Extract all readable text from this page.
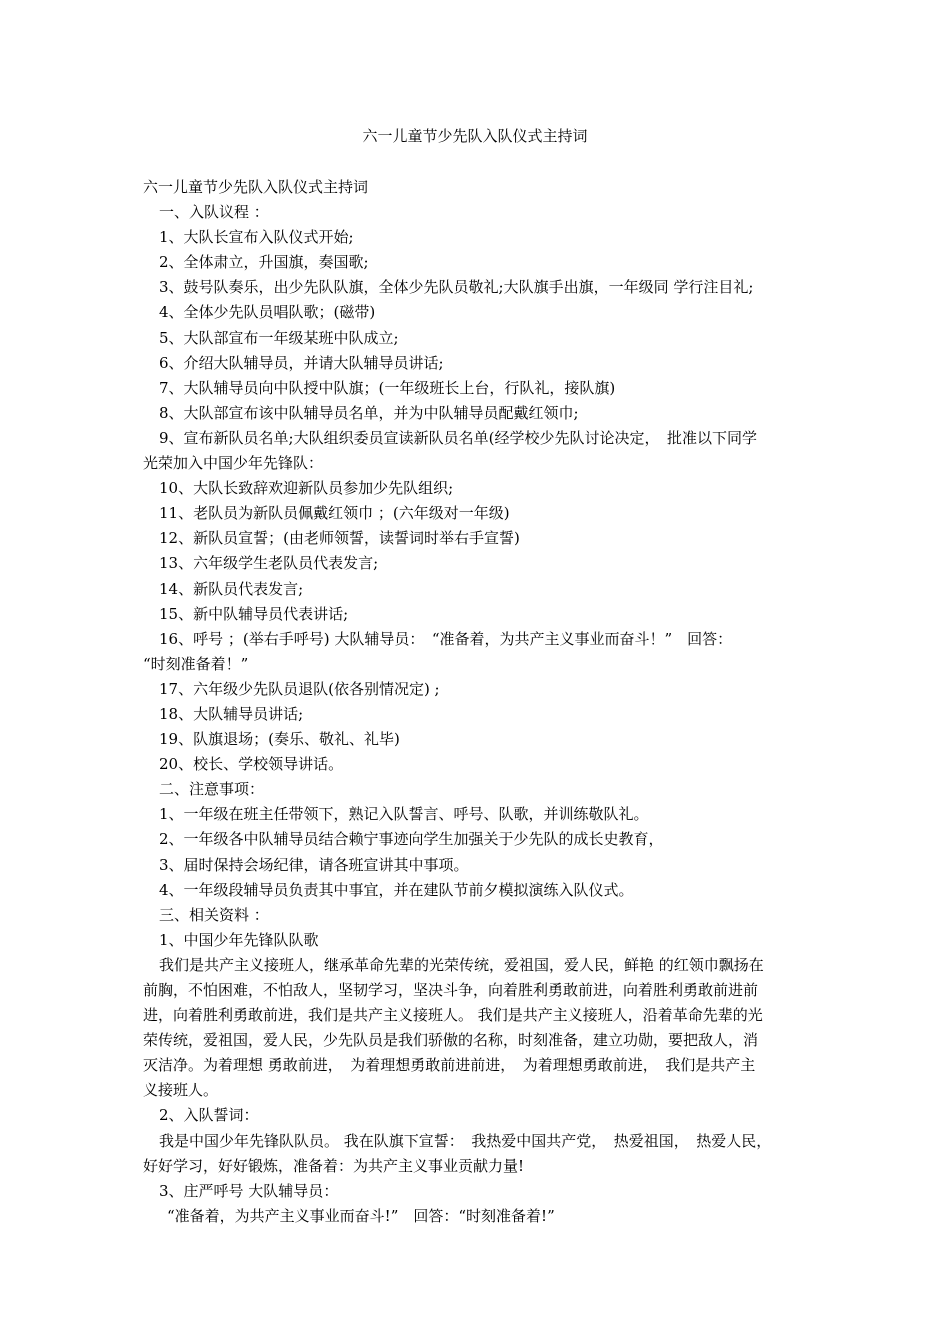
六一儿童节少先队入队仪式主持词
六一儿童节少先队入队仪式主持词
一、入队议程 ：
1、大队长宣布入队仪式开始;
2、全体肃立，升国旗，奏国歌;
3、鼓号队奏乐，出少先队队旗，全体少先队员敬礼;大队旗手出旗，一年级同 学行注目礼;
4、全体少先队员唱队歌；(磁带)
5、大队部宣布一年级某班中队成立;
6、介绍大队辅导员，并请大队辅导员讲话;
7、大队辅导员向中队授中队旗；(一年级班长上台，行队礼，接队旗)
8、大队部宣布该中队辅导员名单，并为中队辅导员配戴红领巾;
9、宣布新队员名单;大队组织委员宣读新队员名单(经学校少先队讨论决定，　批准以下同学
光荣加入中国少年先锋队：
10、大队长致辞欢迎新队员参加少先队组织;
11、老队员为新队员佩戴红领巾 ；(六年级对一年级)
12、新队员宣誓；(由老师领誓，读誓词时举右手宣誓)
13、六年级学生老队员代表发言;
14、新队员代表发言;
15、新中队辅导员代表讲话;
16、呼号 ；(举右手呼号) 大队辅导员：　“准备着，为共产主义事业而奋斗！”　回答：
“时刻准备着！”
17、六年级少先队员退队(依各别情况定) ;
18、大队辅导员讲话;
19、队旗退场；(奏乐、敬礼、礼毕)
20、校长、学校领导讲话。
二、注意事项：
1、一年级在班主任带领下，熟记入队誓言、呼号、队歌，并训练敬队礼。
2、一年级各中队辅导员结合赖宁事迹向学生加强关于少先队的成长史教育，
3、届时保持会场纪律，请各班宣讲其中事项。
4、一年级段辅导员负责其中事宜，并在建队节前夕模拟演练入队仪式。
三、相关资料 ：
1、中国少年先锋队队歌
我们是共产主义接班人，继承革命先辈的光荣传统，爱祖国，爱人民，鲜艳 的红领巾飘扬在
前胸，不怕困难，不怕敌人，坚韧学习，坚决斗争，向着胜利勇敢前进，向着胜利勇敢前进前
进，向着胜利勇敢前进，我们是共产主义接班人。 我们是共产主义接班人，沿着革命先辈的光
荣传统，爱祖国，爱人民，少先队员是我们骄傲的名称，时刻准备，建立功勋，要把敌人，消
灭洁净。为着理想 勇敢前进，　为着理想勇敢前进前进，　为着理想勇敢前进，　我们是共产主
义接班人。
2、入队誓词：
我是中国少年先锋队队员。 我在队旗下宣誓：　我热爱中国共产党，　热爱祖国，　热爱人民，
好好学习，好好锻炼，准备着：为共产主义事业贡献力量!
3、庄严呼号 大队辅导员：
“准备着，为共产主义事业而奋斗!”　回答：“时刻准备着!”
